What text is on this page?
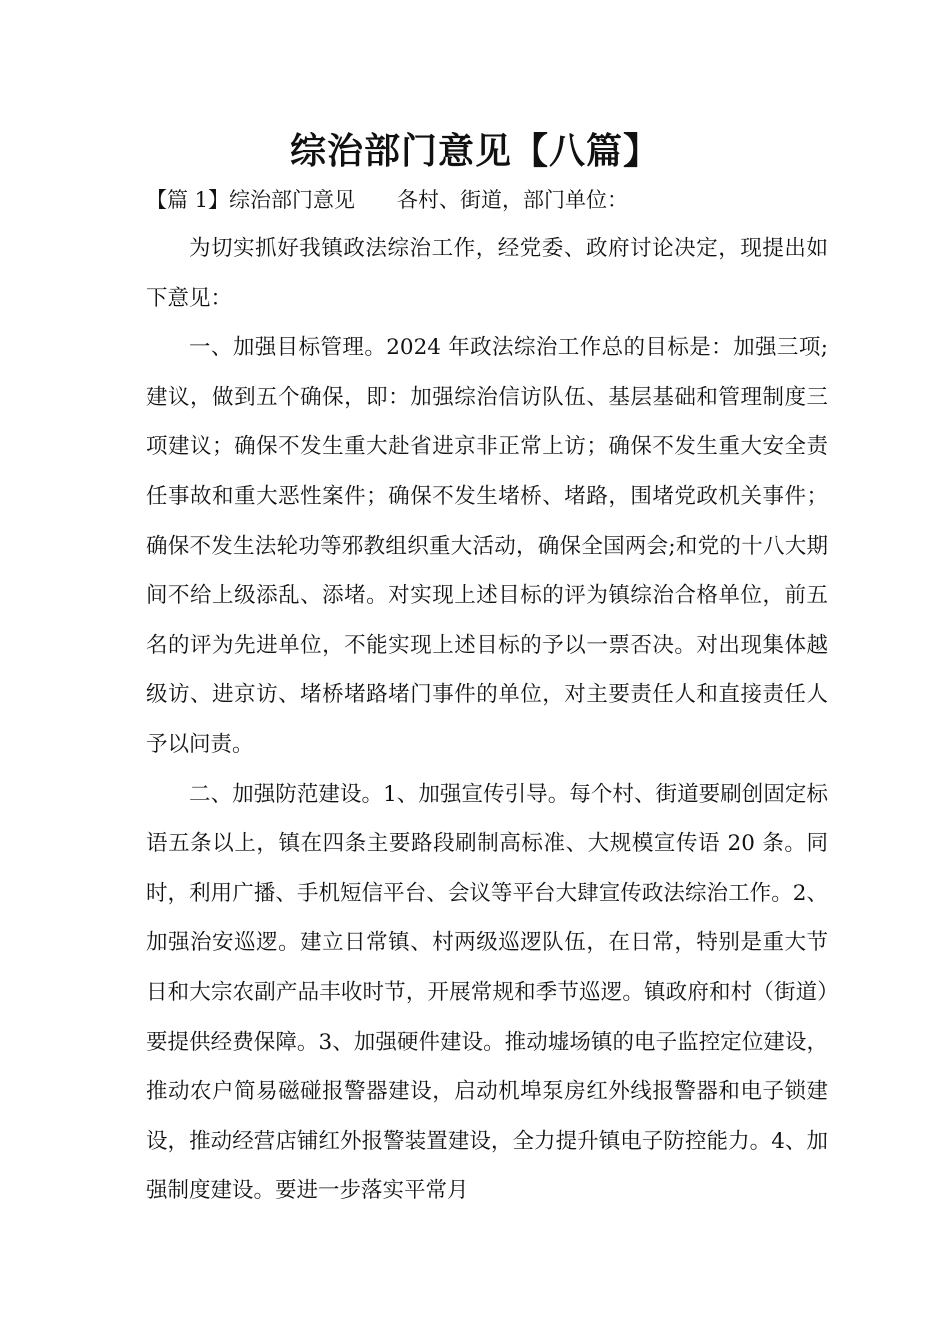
综治部门意见【八篇】
【篇 1】综治部门意见 各村、街道，部门单位：

为切实抓好我镇政法综治工作，经党委、政府讨论决定，现提出如下意见：

一、加强目标管理。2024 年政法综治工作总的目标是：加强三项;建议，做到五个确保，即：加强综治信访队伍、基层基础和管理制度三项建议；确保不发生重大赴省进京非正常上访；确保不发生重大安全责任事故和重大恶性案件；确保不发生堵桥、堵路，围堵党政机关事件；确保不发生法轮功等邪教组织重大活动，确保全国两会;和党的十八大期间不给上级添乱、添堵。对实现上述目标的评为镇综治合格单位，前五名的评为先进单位，不能实现上述目标的予以一票否决。对出现集体越级访、进京访、堵桥堵路堵门事件的单位，对主要责任人和直接责任人予以问责。

二、加强防范建设。1、加强宣传引导。每个村、街道要刷创固定标语五条以上，镇在四条主要路段刷制高标准、大规模宣传语 20 条。同时，利用广播、手机短信平台、会议等平台大肆宣传政法综治工作。2、加强治安巡逻。建立日常镇、村两级巡逻队伍，在日常，特别是重大节日和大宗农副产品丰收时节，开展常规和季节巡逻。镇政府和村（街道）要提供经费保障。3、加强硬件建设。推动墟场镇的电子监控定位建设，推动农户简易磁碰报警器建设，启动机埠泵房红外线报警器和电子锁建设，推动经营店铺红外报警装置建设，全力提升镇电子防控能力。4、加强制度建设。要进一步落实平常月
